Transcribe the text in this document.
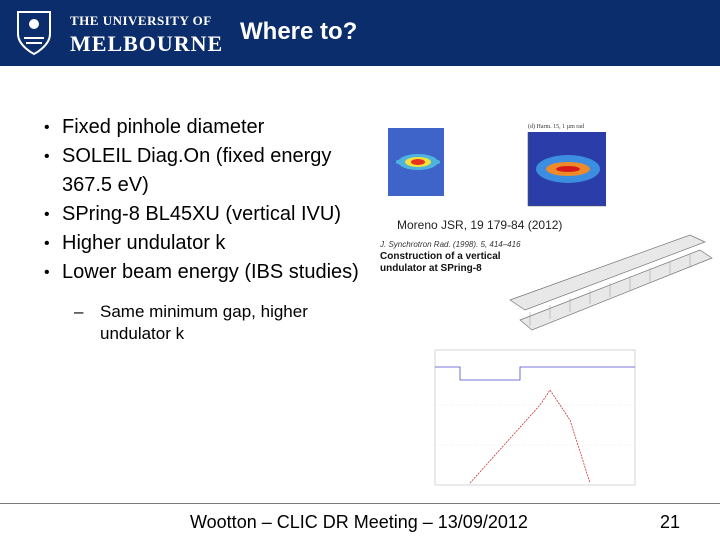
THE UNIVERSITY OF
MELBOURNE Where to?
• Fixed pinhole diameter
• SOLEIL Diag.On (fixed energy 367.5 eV)
• SPring-8 BL45XU (vertical IVU)
• Higher undulator k
• Lower beam energy (IBS studies)
– Same minimum gap, higher undulator k
(d) Harm. 15, 1 µm rad
Moreno JSR, 19 179-84 (2012)
J. Synchrotron Rad. (1998). 5, 414–416
Construction of a vertical undulator at SPring-8
Wootton – CLIC DR Meeting – 13/09/2012	21
